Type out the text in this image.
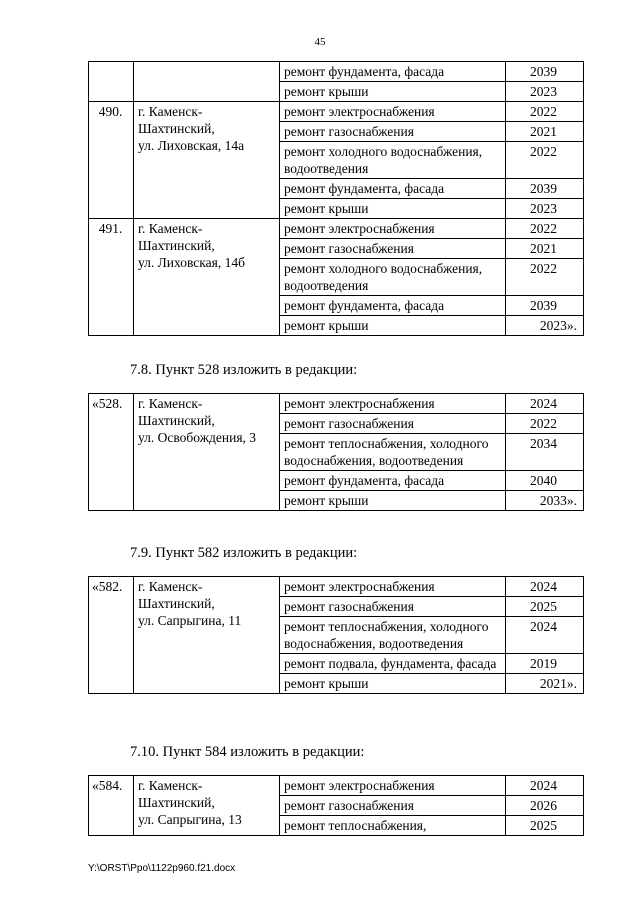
45
		ремонт фундамента, фасада	2039
		ремонт крыши	2023
490.	г. Каменск-
Шахтинский,
ул. Лиховская, 14а	ремонт электроснабжения	2022
		ремонт газоснабжения	2021
		ремонт холодного водоснабжения, водоотведения	2022
		ремонт фундамента, фасада	2039
		ремонт крыши	2023
491.	г. Каменск-
Шахтинский,
ул. Лиховская, 14б	ремонт электроснабжения	2022
		ремонт газоснабжения	2021
		ремонт холодного водоснабжения, водоотведения	2022
		ремонт фундамента, фасада	2039
		ремонт крыши	2023».
7.8. Пункт 528 изложить в редакции:
«528.	г. Каменск-
Шахтинский,
ул. Освобождения, 3	ремонт электроснабжения	2024
		ремонт газоснабжения	2022
		ремонт теплоснабжения, холодного водоснабжения, водоотведения	2034
		ремонт фундамента, фасада	2040
		ремонт крыши	2033».
7.9. Пункт 582 изложить в редакции:
«582.	г. Каменск-
Шахтинский,
ул. Сапрыгина, 11	ремонт электроснабжения	2024
		ремонт газоснабжения	2025
		ремонт теплоснабжения, холодного водоснабжения, водоотведения	2024
		ремонт подвала, фундамента, фасада	2019
		ремонт крыши	2021».
7.10. Пункт 584 изложить в редакции:
«584.	г. Каменск-
Шахтинский,
ул. Сапрыгина, 13	ремонт электроснабжения	2024
		ремонт газоснабжения	2026
		ремонт теплоснабжения,	2025
Y:\ORST\Ppo\1122p960.f21.docx
